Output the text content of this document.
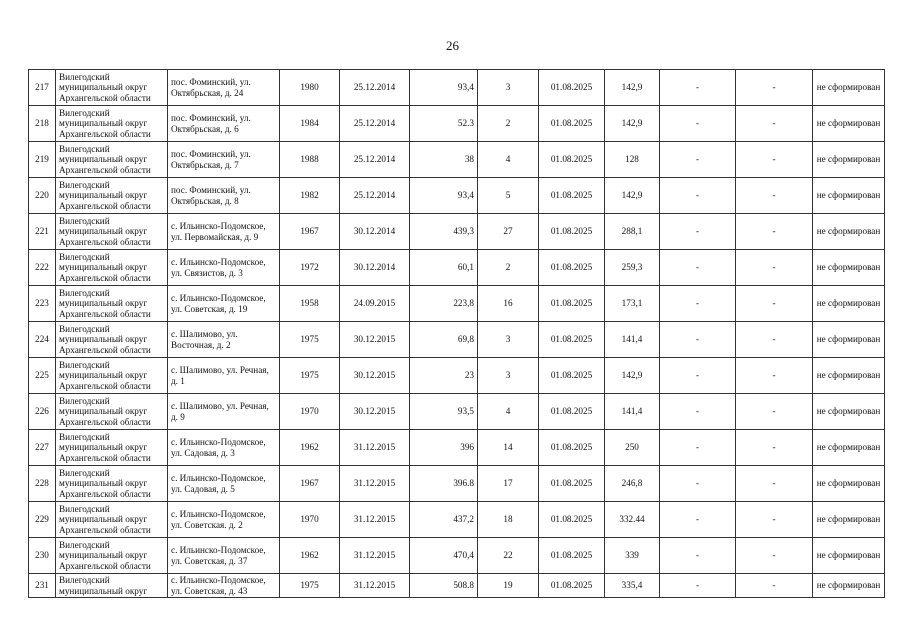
26
217	Вилегодский муниципальный округ Архангельской области	пос. Фоминский, ул. Октябрьская, д. 24	1980	25.12.2014	93,4	3	01.08.2025	142,9	-	-	не сформирован
218	Вилегодский муниципальный округ Архангельской области	пос. Фоминский, ул. Октябрьская, д. 6	1984	25.12.2014	52.3	2	01.08.2025	142,9	-	-	не сформирован
219	Вилегодский муниципальный округ Архангельской области	пос. Фоминский, ул. Октябрьская, д. 7	1988	25.12.2014	38	4	01.08.2025	128	-	-	не сформирован
220	Вилегодский муниципальный округ Архангельской области	пос. Фоминский, ул. Октябрьская, д. 8	1982	25.12.2014	93,4	5	01.08.2025	142,9	-	-	не сформирован
221	Вилегодский муниципальный округ Архангельской области	с. Ильинско-Подомское, ул. Первомайская, д. 9	1967	30.12.2014	439,3	27	01.08.2025	288,1	-	-	не сформирован
222	Вилегодский муниципальный округ Архангельской области	с. Ильинско-Подомское, ул. Связистов, д. 3	1972	30.12.2014	60,1	2	01.08.2025	259,3	-	-	не сформирован
223	Вилегодский муниципальный округ Архангельской области	с. Ильинско-Подомское, ул. Советская, д. 19	1958	24.09.2015	223,8	16	01.08.2025	173,1	-	-	не сформирован
224	Вилегодский муниципальный округ Архангельской области	с. Шалимово, ул. Восточная, д. 2	1975	30.12.2015	69,8	3	01.08.2025	141,4	-	-	не сформирован
225	Вилегодский муниципальный округ Архангельской области	с. Шалимово, ул. Речная, д. 1	1975	30.12.2015	23	3	01.08.2025	142,9	-	-	не сформирован
226	Вилегодский муниципальный округ Архангельской области	с. Шалимово, ул. Речная, д. 9	1970	30.12.2015	93,5	4	01.08.2025	141,4	-	-	не сформирован
227	Вилегодский муниципальный округ Архангельской области	с. Ильинско-Подомское, ул. Садовая, д. 3	1962	31.12.2015	396	14	01.08.2025	250	-	-	не сформирован
228	Вилегодский муниципальный округ Архангельской области	с. Ильинско-Подомское, ул. Садовая, д. 5	1967	31.12.2015	396.8	17	01.08.2025	246,8	-	-	не сформирован
229	Вилегодский муниципальный округ Архангельской области	с. Ильинско-Подомское, ул. Советская. д. 2	1970	31.12.2015	437,2	18	01.08.2025	332.44	-	-	не сформирован
230	Вилегодский муниципальный округ Архангельской области	с. Ильинско-Подомское, ул. Советская, д. 37	1962	31.12.2015	470,4	22	01.08.2025	339	-	-	не сформирован
231	Вилегодский муниципальный округ	с. Ильинско-Подомское, ул. Советская, д. 43	1975	31.12.2015	508.8	19	01.08.2025	335,4	-	-	не сформирован
